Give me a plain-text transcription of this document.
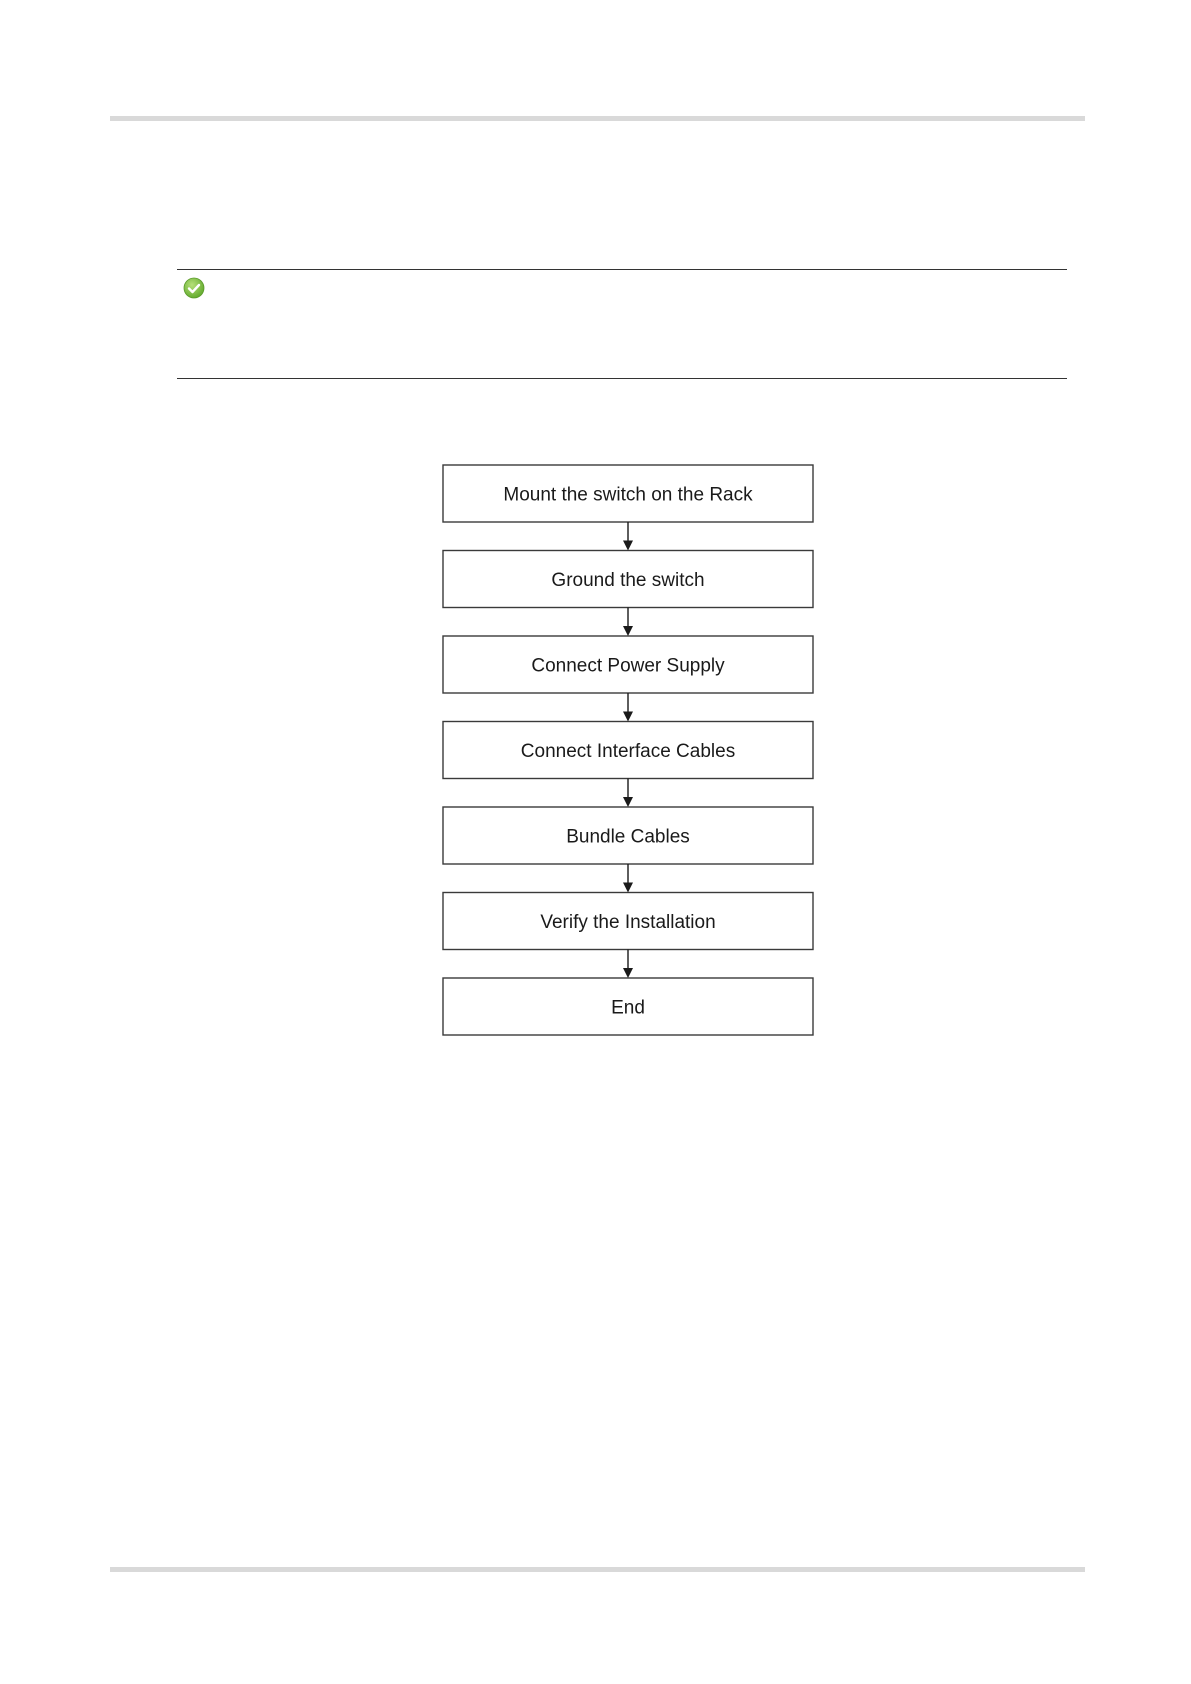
Mount the switch on the Rack
Ground the switch
Connect Power Supply
Connect Interface Cables
Bundle Cables
Verify the Installation
End
